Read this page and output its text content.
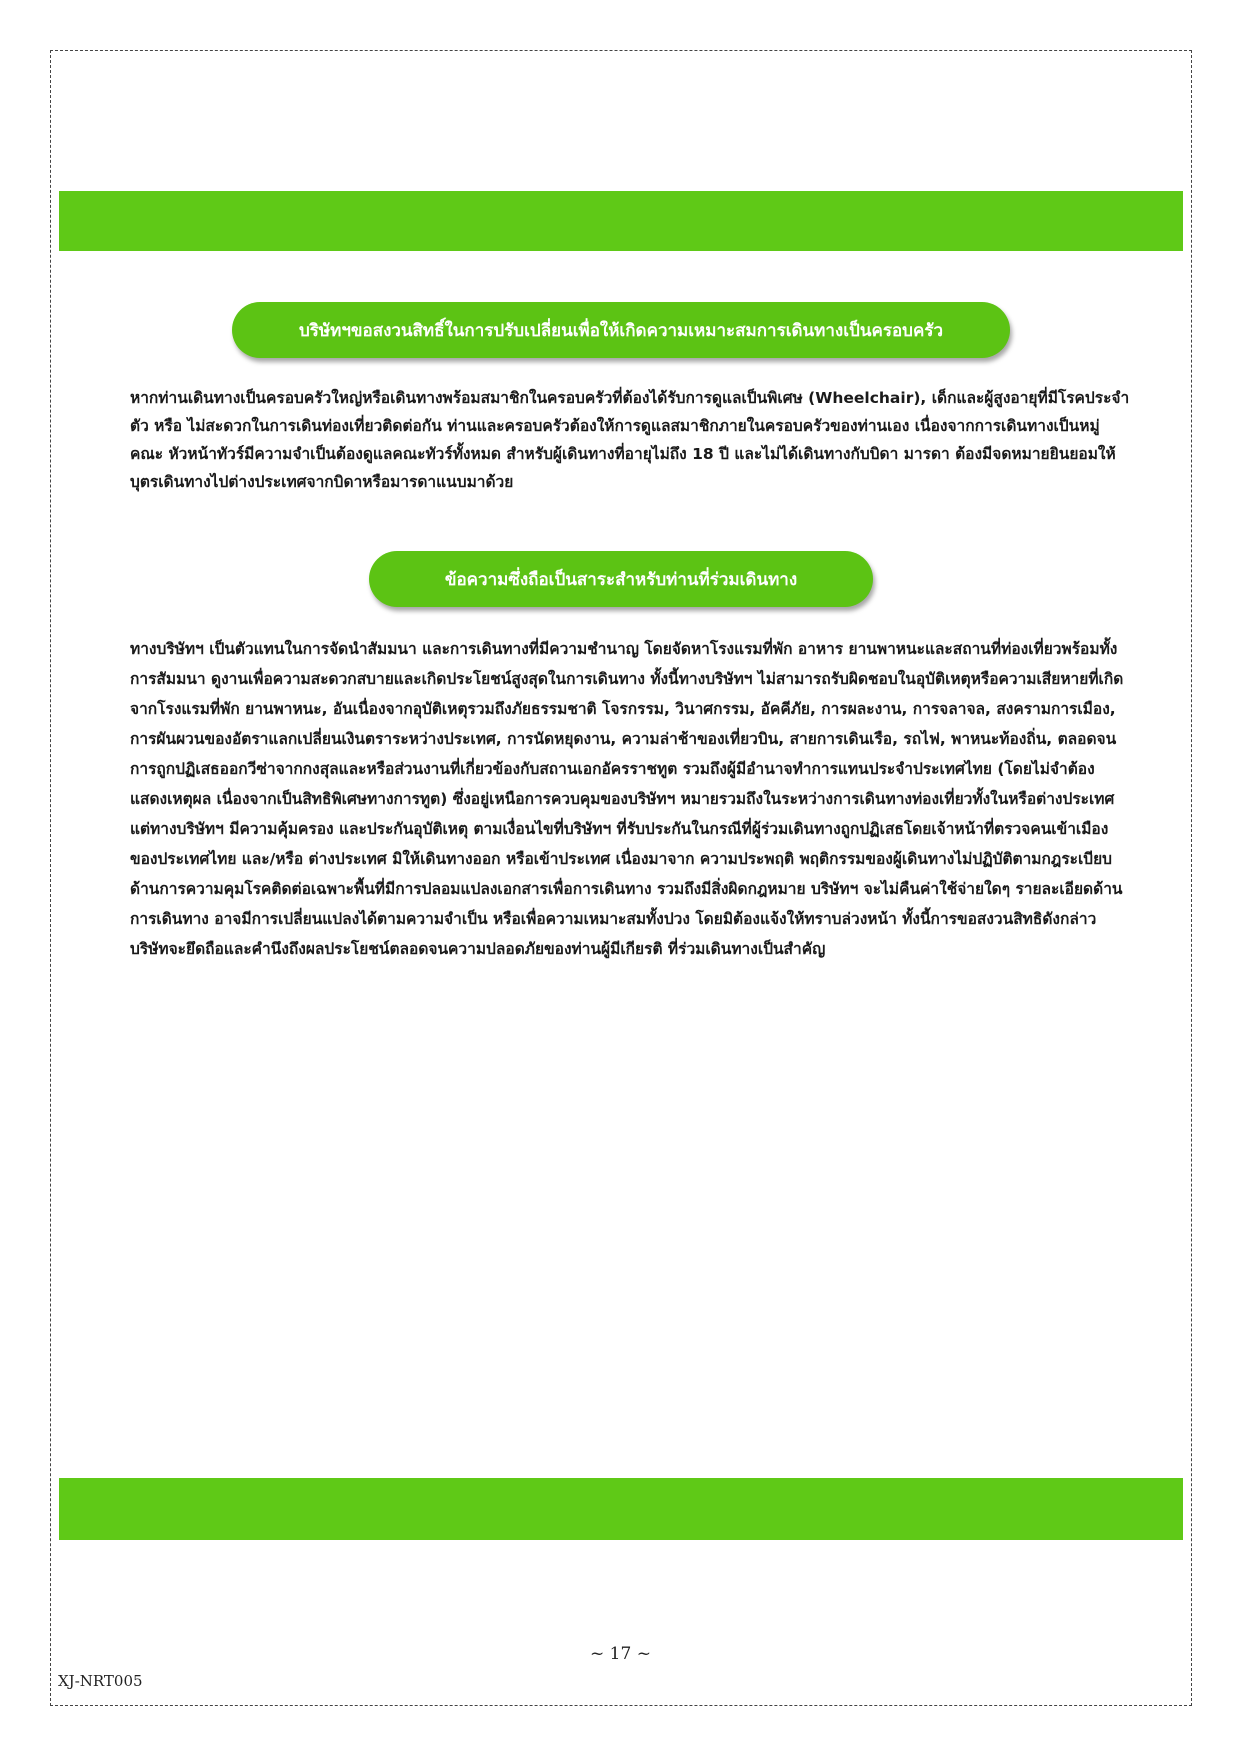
บริษัทฯขอสงวนสิทธิ์ในการปรับเปลี่ยนเพื่อให้เกิดความเหมาะสมการเดินทางเป็นครอบครัว

หากท่านเดินทางเป็นครอบครัวใหญ่หรือเดินทางพร้อมสมาชิกในครอบครัวที่ต้องได้รับการดูแลเป็นพิเศษ (Wheelchair), เด็กและผู้สูงอายุที่มีโรคประจำตัว หรือ ไม่สะดวกในการเดินท่องเที่ยวติดต่อกัน ท่านและครอบครัวต้องให้การดูแลสมาชิกภายในครอบครัวของท่านเอง เนื่องจากการเดินทางเป็นหมู่คณะ หัวหน้าทัวร์มีความจำเป็นต้องดูแลคณะทัวร์ทั้งหมด สำหรับผู้เดินทางที่อายุไม่ถึง 18 ปี และไม่ได้เดินทางกับบิดา มารดา ต้องมีจดหมายยินยอมให้บุตรเดินทางไปต่างประเทศจากบิดาหรือมารดาแนบมาด้วย

ข้อความซึ่งถือเป็นสาระสำหรับท่านที่ร่วมเดินทาง

ทางบริษัทฯ เป็นตัวแทนในการจัดนำสัมมนา และการเดินทางที่มีความชำนาญ โดยจัดหาโรงแรมที่พัก อาหาร ยานพาหนะและสถานที่ท่องเที่ยวพร้อมทั้งการสัมมนา ดูงานเพื่อความสะดวกสบายและเกิดประโยชน์สูงสุดในการเดินทาง ทั้งนี้ทางบริษัทฯ ไม่สามารถรับผิดชอบในอุบัติเหตุหรือความเสียหายที่เกิดจากโรงแรมที่พัก ยานพาหนะ, อันเนื่องจากอุบัติเหตุรวมถึงภัยธรรมชาติ โจรกรรม, วินาศกรรม, อัคคีภัย, การผละงาน, การจลาจล, สงครามการเมือง, การผันผวนของอัตราแลกเปลี่ยนเงินตราระหว่างประเทศ, การนัดหยุดงาน, ความล่าช้าของเที่ยวบิน, สายการเดินเรือ, รถไฟ, พาหนะท้องถิ่น, ตลอดจนการถูกปฏิเสธออกวีซ่าจากกงสุลและหรือส่วนงานที่เกี่ยวข้องกับสถานเอกอัครราชทูต รวมถึงผู้มีอำนาจทำการแทนประจำประเทศไทย (โดยไม่จำต้องแสดงเหตุผล เนื่องจากเป็นสิทธิพิเศษทางการทูต) ซึ่งอยู่เหนือการควบคุมของบริษัทฯ หมายรวมถึงในระหว่างการเดินทางท่องเที่ยวทั้งในหรือต่างประเทศ แต่ทางบริษัทฯ มีความคุ้มครอง และประกันอุบัติเหตุ ตามเงื่อนไขที่บริษัทฯ ที่รับประกันในกรณีที่ผู้ร่วมเดินทางถูกปฏิเสธโดยเจ้าหน้าที่ตรวจคนเข้าเมืองของประเทศไทย และ/หรือ ต่างประเทศ มิให้เดินทางออก หรือเข้าประเทศ เนื่องมาจาก ความประพฤติ พฤติกรรมของผู้เดินทางไม่ปฏิบัติตามกฎระเบียบด้านการความคุมโรคติดต่อเฉพาะพื้นที่มีการปลอมแปลงเอกสารเพื่อการเดินทาง รวมถึงมีสิ่งผิดกฎหมาย บริษัทฯ จะไม่คืนค่าใช้จ่ายใดๆ รายละเอียดด้านการเดินทาง อาจมีการเปลี่ยนแปลงได้ตามความจำเป็น หรือเพื่อความเหมาะสมทั้งปวง โดยมิต้องแจ้งให้ทราบล่วงหน้า ทั้งนี้การขอสงวนสิทธิดังกล่าว บริษัทจะยึดถือและคำนึงถึงผลประโยชน์ตลอดจนความปลอดภัยของท่านผู้มีเกียรติ ที่ร่วมเดินทางเป็นสำคัญ

~ 17 ~
XJ-NRT005
